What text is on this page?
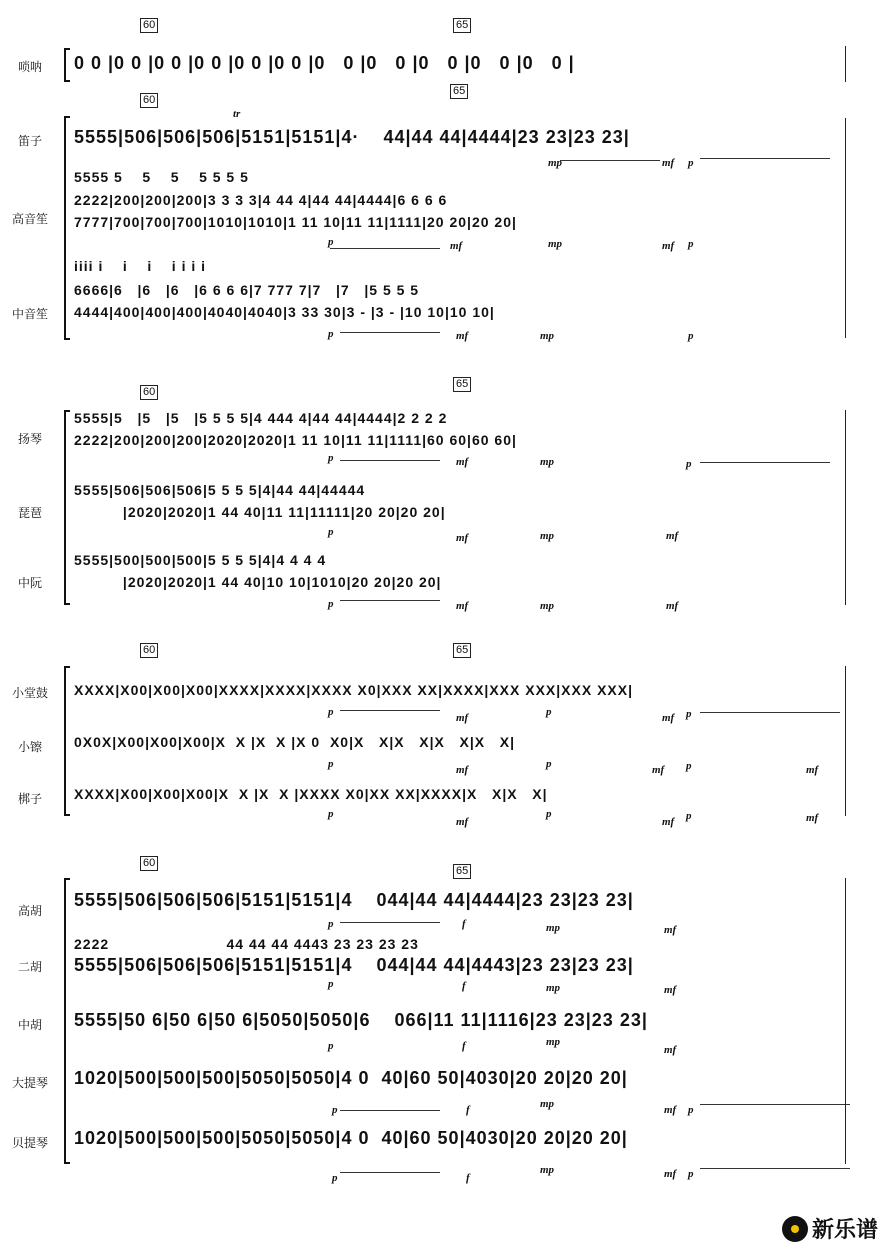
60	65
唢呐	0 0 |0 0 |0 0 |0 0 |0 0 |0 0 |0   0 |0   0 |0   0 |0   0 |0   0 |
60
65
笛子	5555|506|506|506|5151|5151|4·    44|44 44|4444|23 23|23 23|
mp	mf p
tr
高音笙
5555 5    5    5    5 5 5 5
2222|200|200|200|3 3 3 3|4 44 4|44 44|4444|6 6 6 6
7777|700|700|700|1010|1010|1 11 10|11 11|1111|20 20|20 20|
p	mf	mp	mf p
中音笙
iiii i    i    i    i i i i
6666|6   |6   |6   |6 6 6 6|7 777 7|7   |7   |5 5 5 5
4444|400|400|400|4040|4040|3 33 30|3 - |3 - |10 10|10 10|
p	mf	mp	p
60
65
扬琴
5555|5   |5   |5   |5 5 5 5|4 444 4|44 44|4444|2 2 2 2
2222|200|200|200|2020|2020|1 11 10|11 11|1111|60 60|60 60|
p	mf	mp	p
琵琶
5555|506|506|506|5 5 5 5|4|44 44|44444
|2020|2020|1 44 40|11 11|11111|20 20|20 20|
p	mf	mp	mf
中阮
5555|500|500|500|5 5 5 5|4|4 4 4 4
|2020|2020|1 44 40|10 10|1010|20 20|20 20|
p	mf	mp	mf
60	65
小堂鼓	XXXX|X00|X00|X00|XXXX|XXXX|XXXX X0|XXX XX|XXXX|XXX XXX|XXX XXX|
p	mf	p	mf p
小镲	0X0X|X00|X00|X00|X  X |X  X |X 0  X0|X   X|X   X|X   X|X   X|
p	mf	p	mf p	mf
梆子	XXXX|X00|X00|X00|X  X |X  X |XXXX X0|XX XX|XXXX|X   X|X   X|
p
mf
p
mf p	mf
60
65
高胡
5555|506|506|506|5151|5151|4    044|44 44|4444|23 23|23 23|
p	f	mp	mf
二胡
2222                        44 44 44 4443 23 23 23 23
5555|506|506|506|5151|5151|4    044|44 44|4443|23 23|23 23|
p	f	mp	mf
中胡	5555|50 6|50 6|50 6|5050|5050|6    066|11 11|1116|23 23|23 23|
p	f	mp
mf
大提琴	1020|500|500|500|5050|5050|4 0  40|60 50|4030|20 20|20 20|
p	f	mp	mf p
贝提琴	1020|500|500|500|5050|5050|4 0  40|60 50|4030|20 20|20 20|
p	f
mp	mf p
新乐谱
